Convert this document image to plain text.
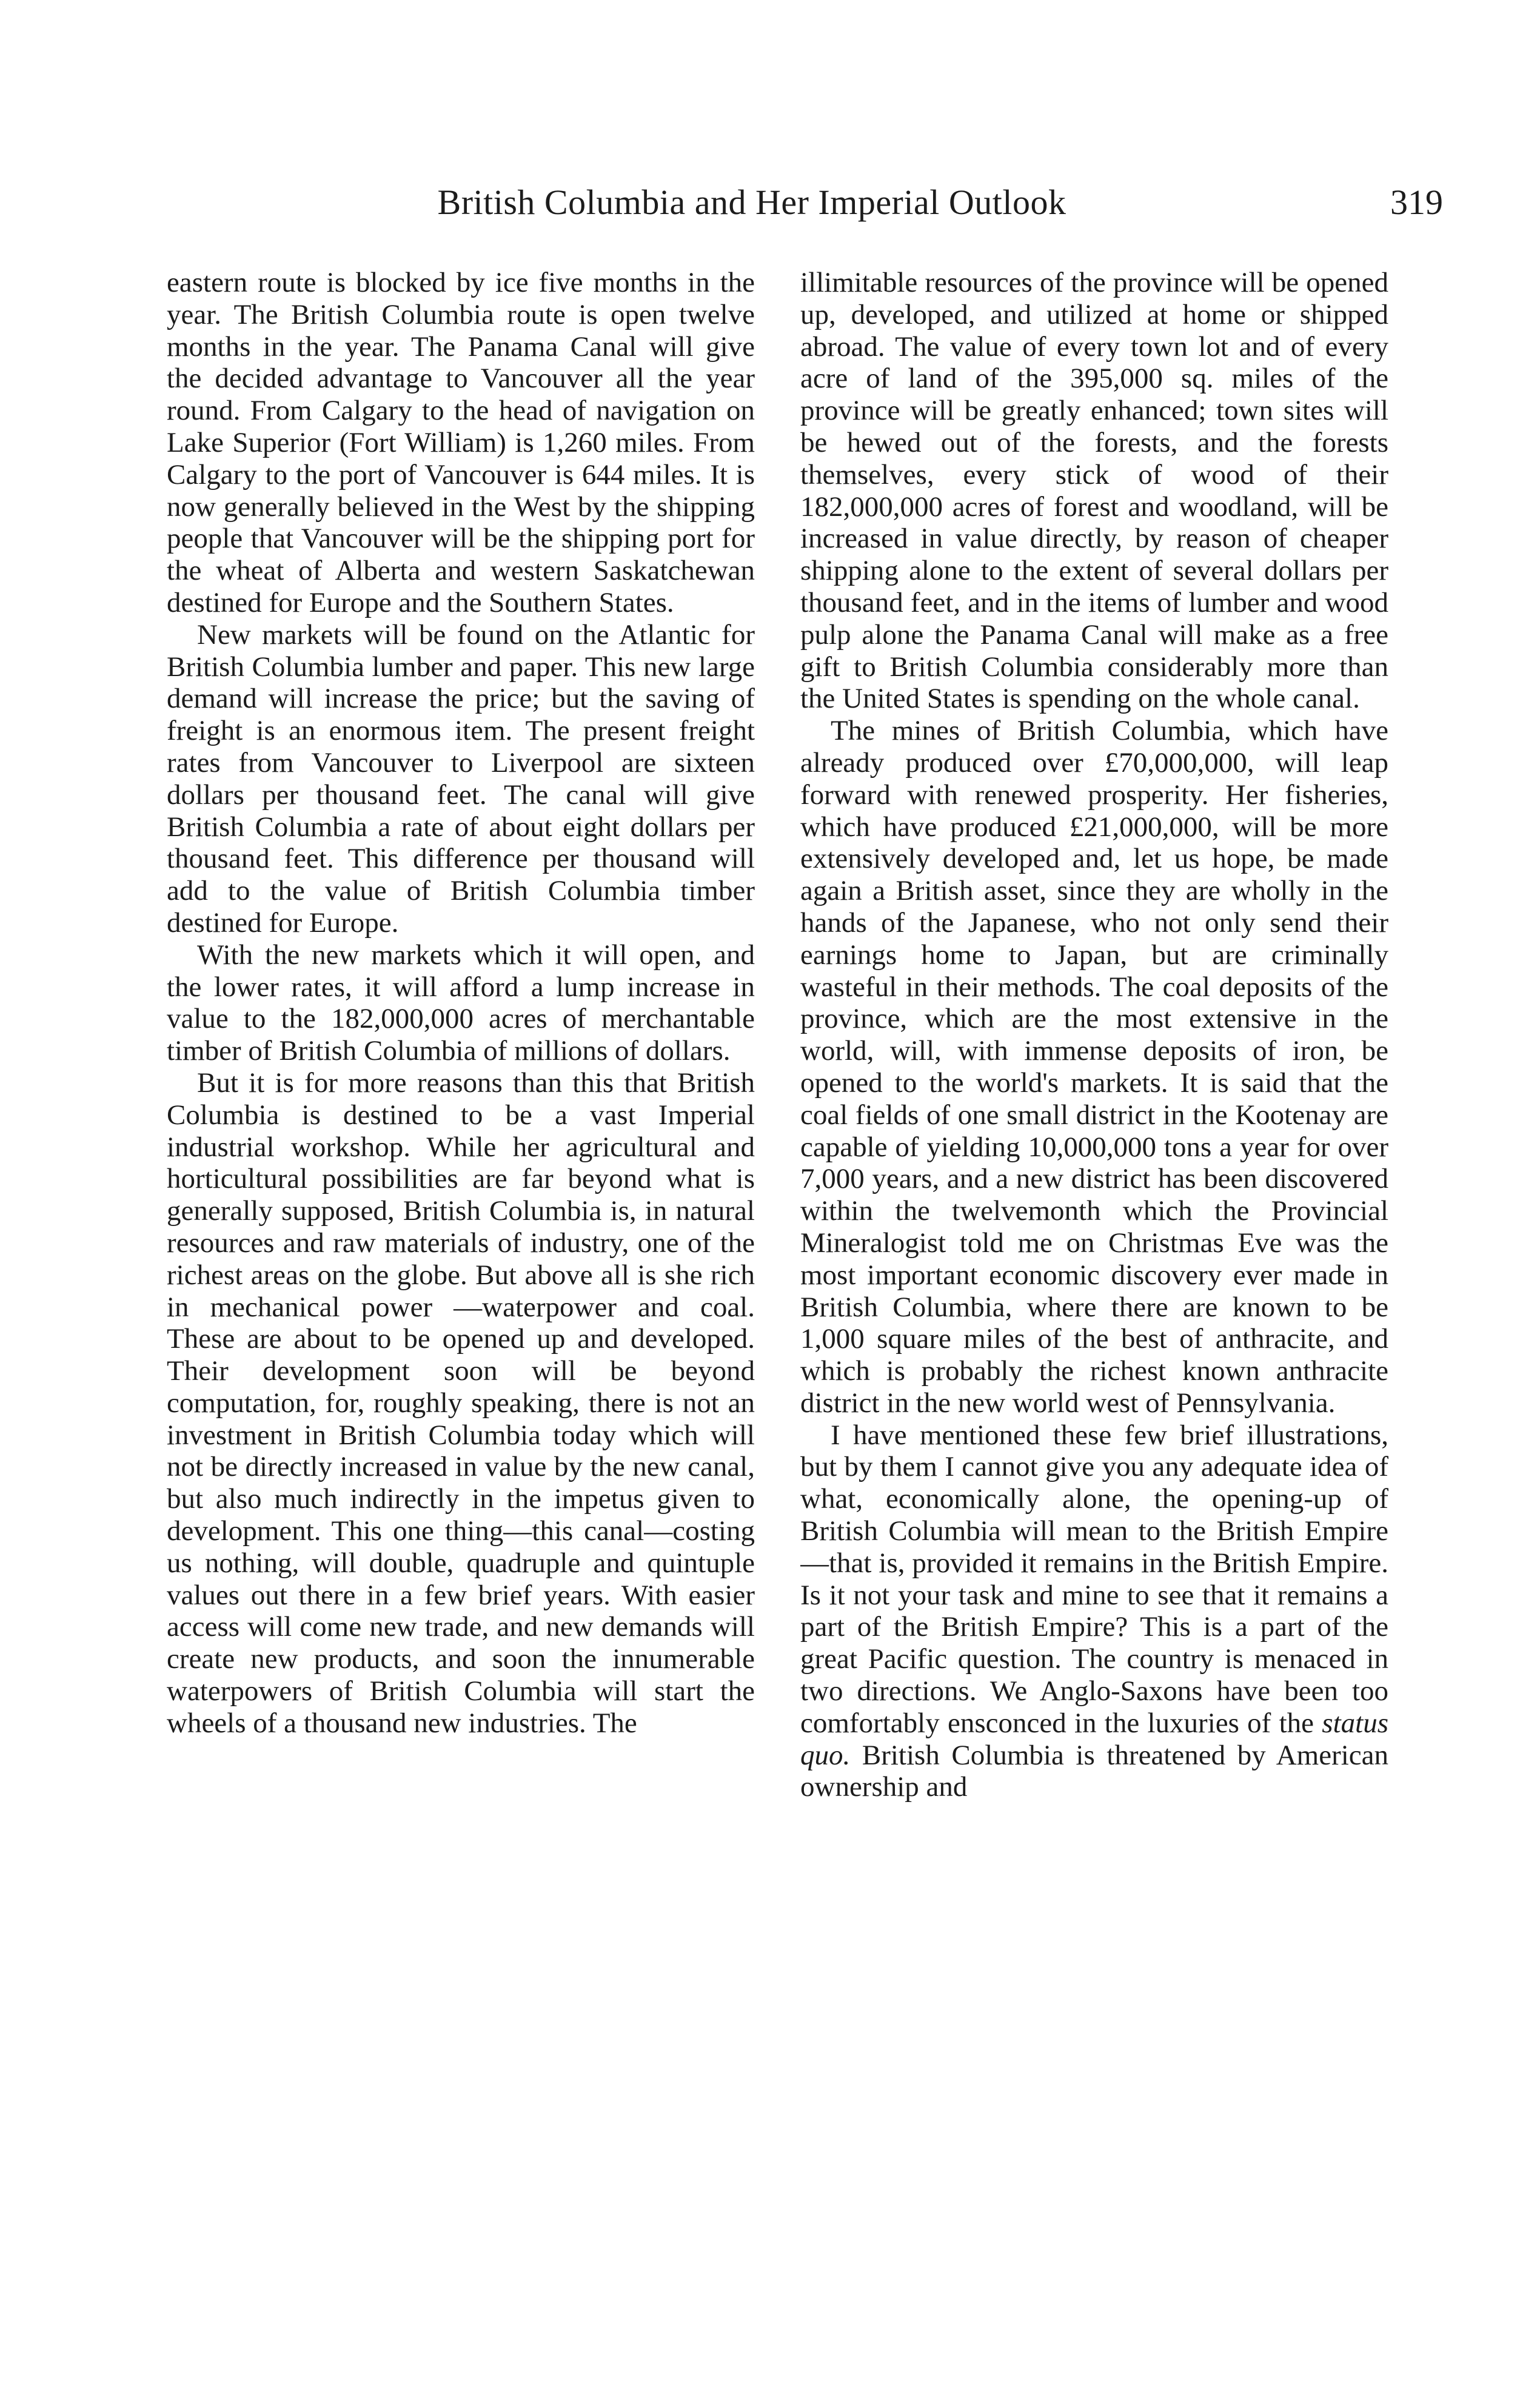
British Columbia and Her Imperial Outlook	319

eastern route is blocked by ice five months in the year. The British Columbia route is open twelve months in the year. The Panama Canal will give the decided advantage to Vancouver all the year round. From Calgary to the head of navigation on Lake Superior (Fort William) is 1,260 miles. From Calgary to the port of Vancouver is 644 miles. It is now generally believed in the West by the shipping people that Vancouver will be the shipping port for the wheat of Alberta and western Saskatchewan destined for Europe and the Southern States.

New markets will be found on the Atlantic for British Columbia lumber and paper. This new large demand will increase the price; but the saving of freight is an enormous item. The present freight rates from Vancouver to Liverpool are sixteen dollars per thousand feet. The canal will give British Columbia a rate of about eight dollars per thousand feet. This difference per thousand will add to the value of British Columbia timber destined for Europe.

With the new markets which it will open, and the lower rates, it will afford a lump increase in value to the 182,000,000 acres of merchantable timber of British Columbia of millions of dollars.

But it is for more reasons than this that British Columbia is destined to be a vast Imperial industrial workshop. While her agricultural and horticultural possibilities are far beyond what is generally supposed, British Columbia is, in natural resources and raw materials of industry, one of the richest areas on the globe. But above all is she rich in mechanical power —waterpower and coal. These are about to be opened up and developed. Their development soon will be beyond computation, for, roughly speaking, there is not an investment in British Columbia today which will not be directly increased in value by the new canal, but also much indirectly in the impetus given to development. This one thing—this canal—costing us nothing, will double, quadruple and quintuple values out there in a few brief years. With easier access will come new trade, and new demands will create new products, and soon the innumerable waterpowers of British Columbia will start the wheels of a thousand new industries. The

illimitable resources of the province will be opened up, developed, and utilized at home or shipped abroad. The value of every town lot and of every acre of land of the 395,000 sq. miles of the province will be greatly enhanced; town sites will be hewed out of the forests, and the forests themselves, every stick of wood of their 182,000,000 acres of forest and woodland, will be increased in value directly, by reason of cheaper shipping alone to the extent of several dollars per thousand feet, and in the items of lumber and wood pulp alone the Panama Canal will make as a free gift to British Columbia considerably more than the United States is spending on the whole canal.

The mines of British Columbia, which have already produced over £70,000,000, will leap forward with renewed prosperity. Her fisheries, which have produced £21,000,000, will be more extensively developed and, let us hope, be made again a British asset, since they are wholly in the hands of the Japanese, who not only send their earnings home to Japan, but are criminally wasteful in their methods. The coal deposits of the province, which are the most extensive in the world, will, with immense deposits of iron, be opened to the world's markets. It is said that the coal fields of one small district in the Kootenay are capable of yielding 10,000,000 tons a year for over 7,000 years, and a new district has been discovered within the twelvemonth which the Provincial Mineralogist told me on Christmas Eve was the most important economic discovery ever made in British Columbia, where there are known to be 1,000 square miles of the best of anthracite, and which is probably the richest known anthracite district in the new world west of Pennsylvania.

I have mentioned these few brief illustrations, but by them I cannot give you any adequate idea of what, economically alone, the opening-up of British Columbia will mean to the British Empire—that is, provided it remains in the British Empire. Is it not your task and mine to see that it remains a part of the British Empire? This is a part of the great Pacific question. The country is menaced in two directions. We Anglo-Saxons have been too comfortably ensconced in the luxuries of the status quo. British Columbia is threatened by American ownership and
